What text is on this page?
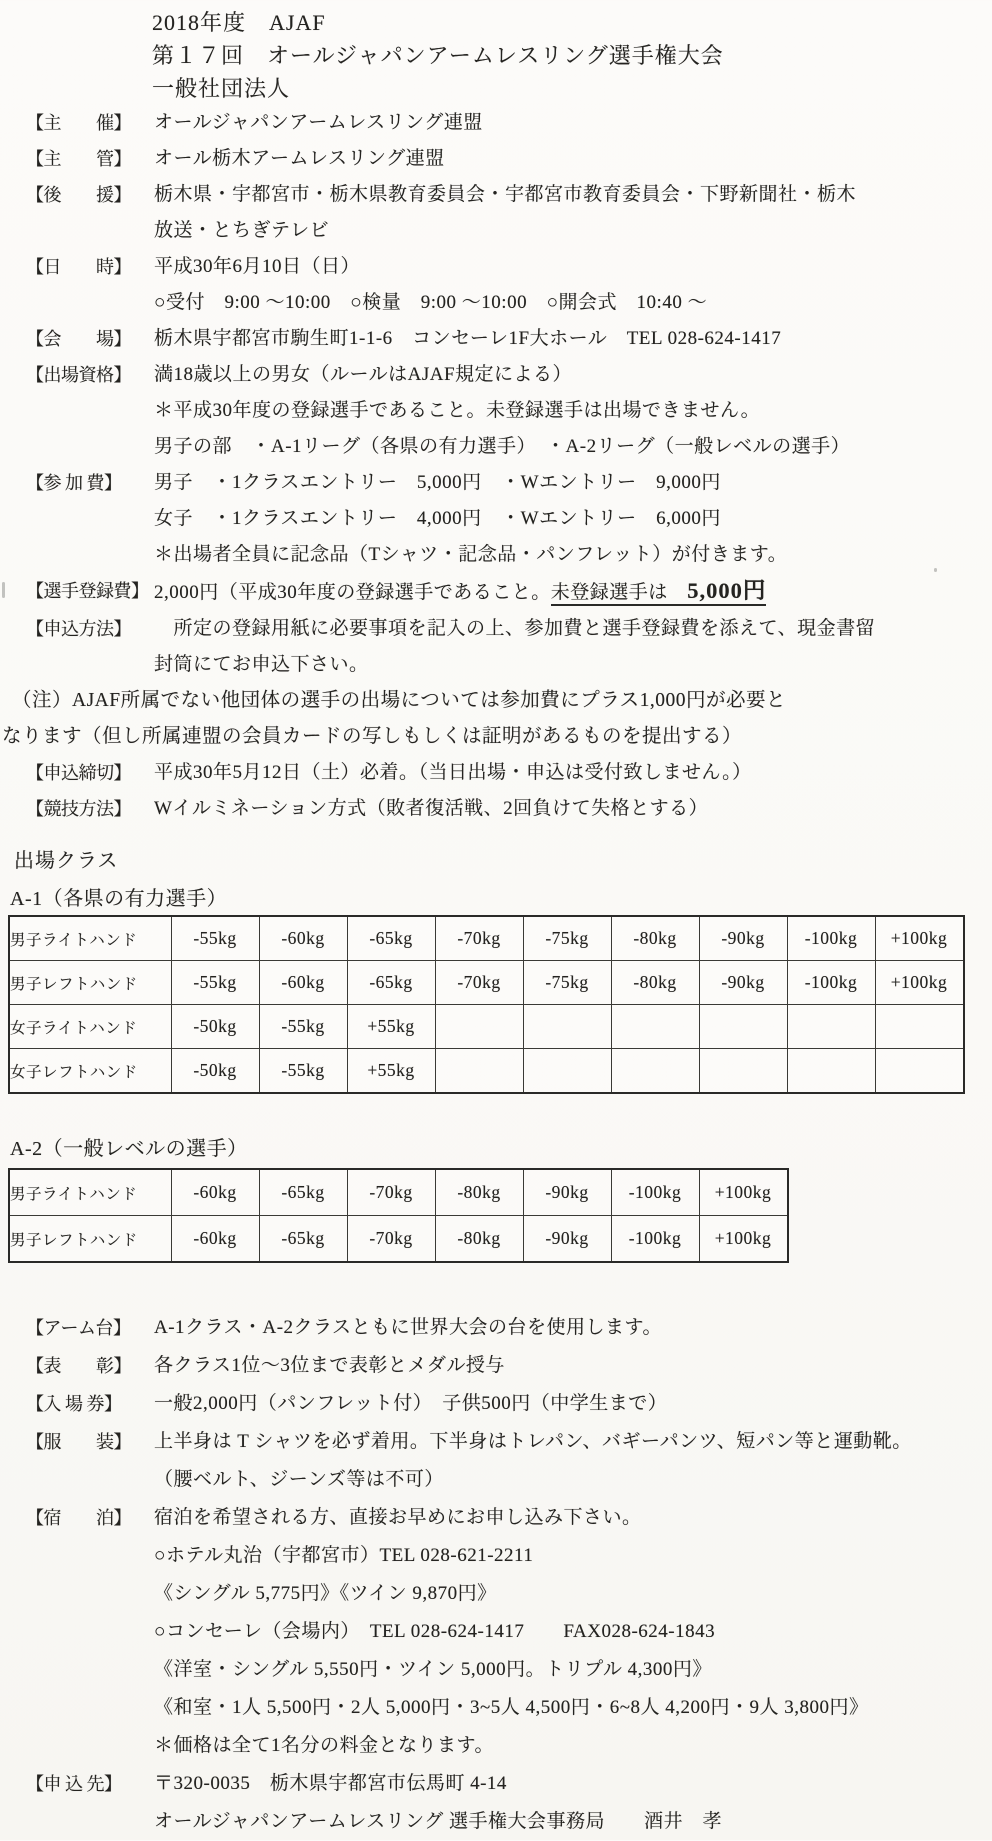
2018年度　AJAF
第１７回　オールジャパンアームレスリング選手権大会
一般社団法人
【主　　催】	オールジャパンアームレスリング連盟
【主　　管】	オール栃木アームレスリング連盟
【後　　援】	栃木県・宇都宮市・栃木県教育委員会・宇都宮市教育委員会・下野新聞社・栃木
放送・とちぎテレビ
【日　　時】	平成30年6月10日（日）
○受付　9:00 ～10:00　○検量　9:00 ～10:00　○開会式　10:40 ～
【会　　場】	栃木県宇都宮市駒生町1-1-6　コンセーレ1F大ホール　TEL 028-624-1417
【出場資格】	満18歳以上の男女（ルールはAJAF規定による）
＊平成30年度の登録選手であること。未登録選手は出場できません。
男子の部　・A-1リーグ（各県の有力選手）　・A-2リーグ（一般レベルの選手）
【参 加 費】	男子　・1クラスエントリー　5,000円　・Wエントリー　9,000円
女子　・1クラスエントリー　4,000円　・Wエントリー　6,000円
＊出場者全員に記念品（Tシャツ・記念品・パンフレット）が付きます。
【選手登録費】 2,000円（平成30年度の登録選手であること。未登録選手は　5,000円
【申込方法】	　所定の登録用紙に必要事項を記入の上、参加費と選手登録費を添えて、現金書留
封筒にてお申込下さい。
（注）AJAF所属でない他団体の選手の出場については参加費にプラス1,000円が必要と
なります（但し所属連盟の会員カードの写しもしくは証明があるものを提出する）
【申込締切】	平成30年5月12日（土）必着。（当日出場・申込は受付致しません。）
【競技方法】	Wイルミネーション方式（敗者復活戦、2回負けて失格とする）
出場クラス
A-1（各県の有力選手）
男子ライトハンド	-55kg	-60kg	-65kg	-70kg	-75kg	-80kg	-90kg	-100kg	+100kg
男子レフトハンド	-55kg	-60kg	-65kg	-70kg	-75kg	-80kg	-90kg	-100kg	+100kg
女子ライトハンド	-50kg	-55kg	+55kg						
女子レフトハンド	-50kg	-55kg	+55kg						
A-2（一般レベルの選手）
男子ライトハンド	-60kg	-65kg	-70kg	-80kg	-90kg	-100kg	+100kg
男子レフトハンド	-60kg	-65kg	-70kg	-80kg	-90kg	-100kg	+100kg
【アーム台】	A-1クラス・A-2クラスともに世界大会の台を使用します。
【表　　彰】	各クラス1位～3位まで表彰とメダル授与
【入 場 券】	一般2,000円（パンフレット付）　子供500円（中学生まで）
【服　　装】	上半身は T シャツを必ず着用。下半身はトレパン、バギーパンツ、短パン等と運動靴。
（腰ベルト、ジーンズ等は不可）
【宿　　泊】	宿泊を希望される方、直接お早めにお申し込み下さい。
○ホテル丸治（宇都宮市）TEL 028-621-2211
《シングル 5,775円》《ツイン 9,870円》
○コンセーレ（会場内）　TEL 028-624-1417　　FAX028-624-1843
《洋室・シングル 5,550円・ツイン 5,000円。トリプル 4,300円》
《和室・1人 5,500円・2人 5,000円・3~5人 4,500円・6~8人 4,200円・9人 3,800円》
＊価格は全て1名分の料金となります。
【申 込 先】	〒320-0035　栃木県宇都宮市伝馬町 4-14
オールジャパンアームレスリング 選手権大会事務局　　酒井　孝
